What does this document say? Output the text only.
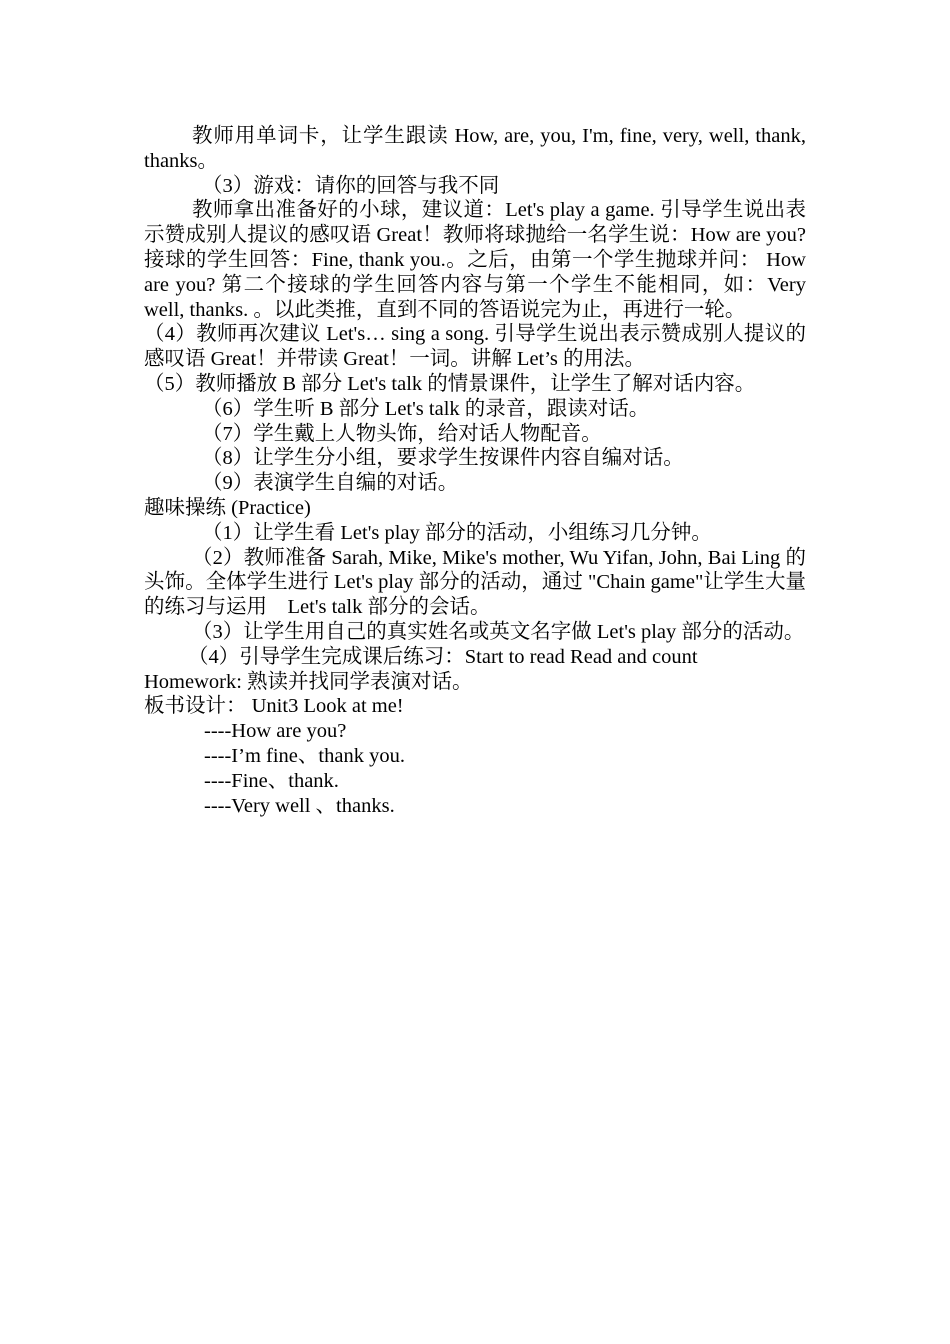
教师用单词卡，让学生跟读 How, are, you, I'm, fine, very, well, thank, thanks。

（3）游戏：请你的回答与我不同

教师拿出准备好的小球，建议道：Let's play a game. 引导学生说出表示赞成别人提议的感叹语 Great！教师将球抛给一名学生说：How are you? 接球的学生回答：Fine, thank you.。之后，由第一个学生抛球并问： How are you? 第二个接球的学生回答内容与第一个学生不能相同，如：Very well, thanks. 。以此类推，直到不同的答语说完为止，再进行一轮。

（4）教师再次建议 Let's… sing a song. 引导学生说出表示赞成别人提议的感叹语 Great！并带读 Great！一词。讲解 Let’s 的用法。

（5）教师播放 B 部分 Let's talk 的情景课件，让学生了解对话内容。

（6）学生听 B 部分 Let's talk 的录音，跟读对话。

（7）学生戴上人物头饰，给对话人物配音。

（8）让学生分小组，要求学生按课件内容自编对话。

（9）表演学生自编的对话。

趣味操练 (Practice)

（1）让学生看 Let's play 部分的活动，小组练习几分钟。

（2）教师准备 Sarah, Mike, Mike's mother, Wu Yifan, John, Bai Ling 的头饰。全体学生进行 Let's play 部分的活动，通过 "Chain game"让学生大量的练习与运用　Let's talk 部分的会话。

（3）让学生用自己的真实姓名或英文名字做 Let's play 部分的活动。

（4）引导学生完成课后练习：Start to read Read and count

Homework: 熟读并找同学表演对话。

板书设计： Unit3 Look at me!

----How are you?

----I’m fine、thank you.

----Fine、thank.

----Very well 、thanks.
